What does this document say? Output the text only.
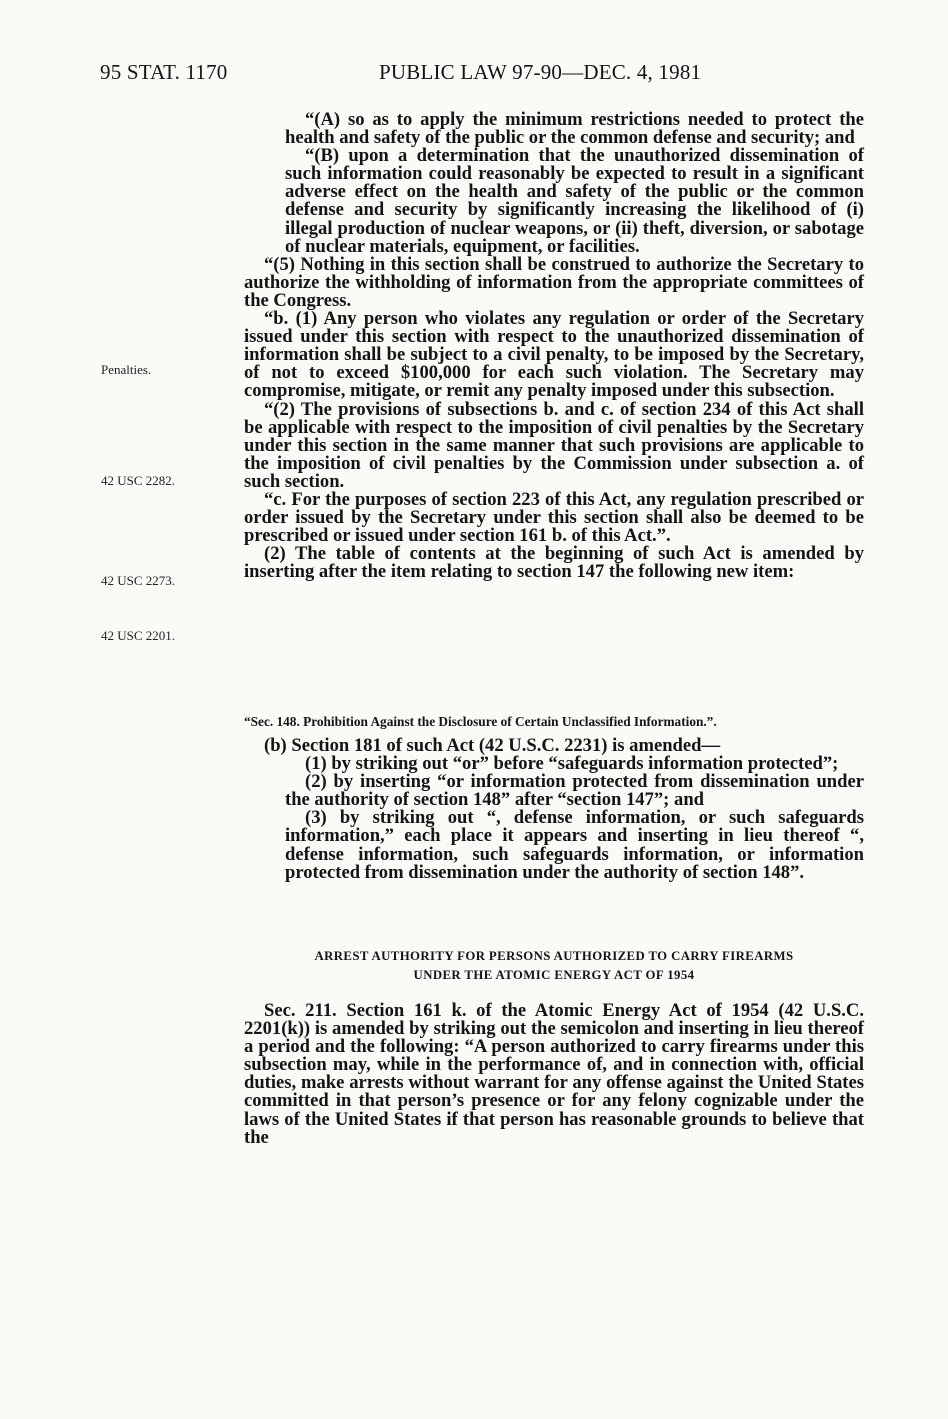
95 STAT. 1170	PUBLIC LAW 97-90—DEC. 4, 1981
Penalties.
42 USC 2282.
42 USC 2273.
42 USC 2201.

“(A) so as to apply the minimum restrictions needed to protect the health and safety of the public or the common defense and security; and

“(B) upon a determination that the unauthorized dissemination of such information could reasonably be expected to result in a significant adverse effect on the health and safety of the public or the common defense and security by significantly increasing the likelihood of (i) illegal production of nuclear weapons, or (ii) theft, diversion, or sabotage of nuclear materials, equipment, or facilities.

“(5) Nothing in this section shall be construed to authorize the Secretary to authorize the withholding of information from the appropriate committees of the Congress.

“b. (1) Any person who violates any regulation or order of the Secretary issued under this section with respect to the unauthorized dissemination of information shall be subject to a civil penalty, to be imposed by the Secretary, of not to exceed $100,000 for each such violation. The Secretary may compromise, mitigate, or remit any penalty imposed under this subsection.

“(2) The provisions of subsections b. and c. of section 234 of this Act shall be applicable with respect to the imposition of civil penalties by the Secretary under this section in the same manner that such provisions are applicable to the imposition of civil penalties by the Commission under subsection a. of such section.

“c. For the purposes of section 223 of this Act, any regulation prescribed or order issued by the Secretary under this section shall also be deemed to be prescribed or issued under section 161 b. of this Act.”.

(2) The table of contents at the beginning of such Act is amended by inserting after the item relating to section 147 the following new item:

“Sec. 148. Prohibition Against the Disclosure of Certain Unclassified Information.”.

(b) Section 181 of such Act (42 U.S.C. 2231) is amended—

(1) by striking out “or” before “safeguards information protected”;

(2) by inserting “or information protected from dissemination under the authority of section 148” after “section 147”; and

(3) by striking out “, defense information, or such safeguards information,” each place it appears and inserting in lieu thereof “, defense information, such safeguards information, or information protected from dissemination under the authority of section 148”.

ARREST AUTHORITY FOR PERSONS AUTHORIZED TO CARRY FIREARMS
UNDER THE ATOMIC ENERGY ACT OF 1954

Sec. 211. Section 161 k. of the Atomic Energy Act of 1954 (42 U.S.C. 2201(k)) is amended by striking out the semicolon and inserting in lieu thereof a period and the following: “A person authorized to carry firearms under this subsection may, while in the performance of, and in connection with, official duties, make arrests without warrant for any offense against the United States committed in that person’s presence or for any felony cognizable under the laws of the United States if that person has reasonable grounds to believe that the
